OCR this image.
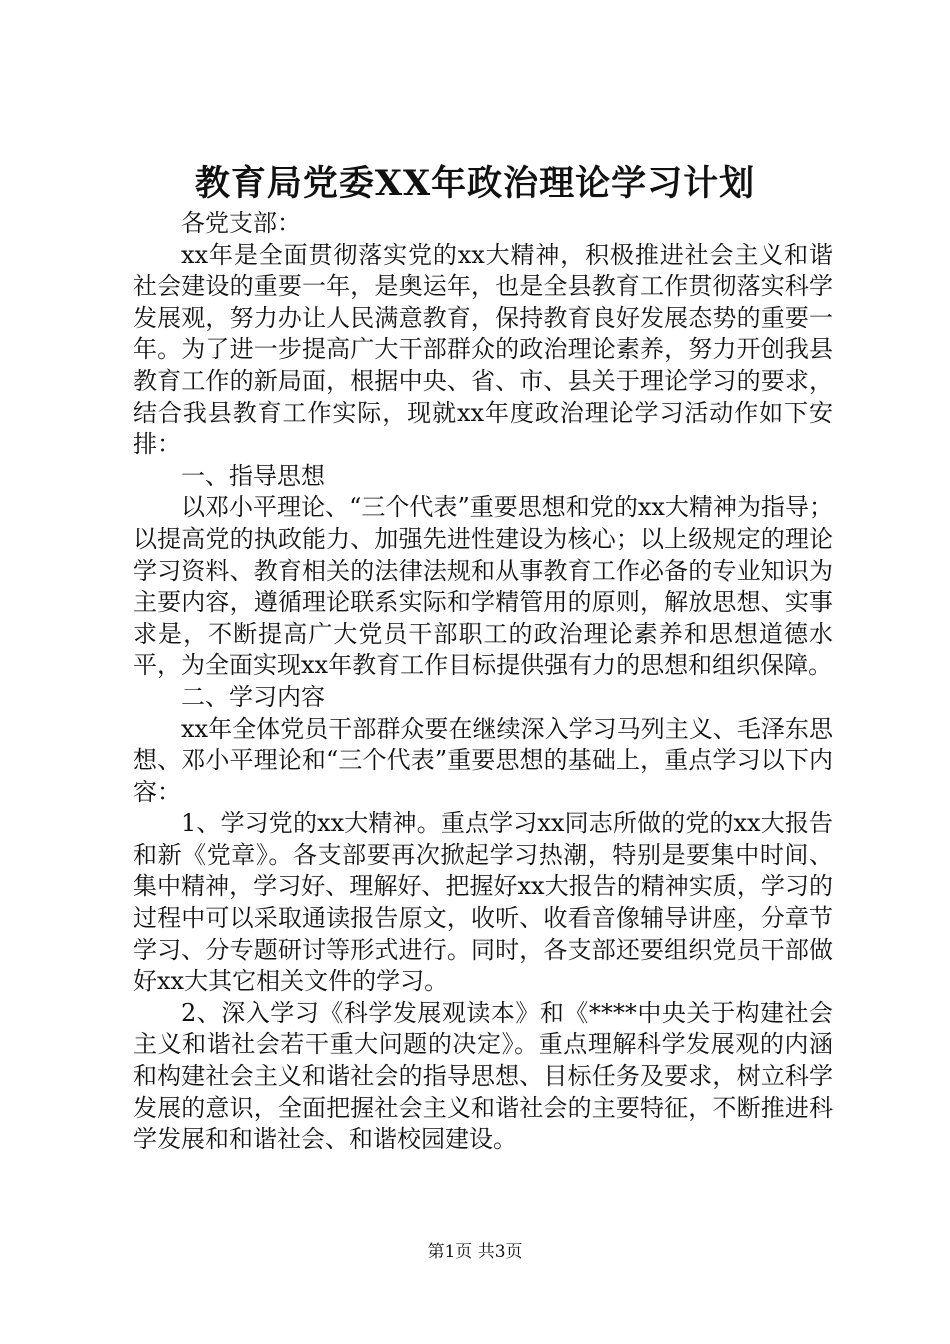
教育局党委XX年政治理论学习计划

各党支部：

xx年是全面贯彻落实党的xx大精神，积极推进社会主义和谐社会建设的重要一年，是奥运年，也是全县教育工作贯彻落实科学发展观，努力办让人民满意教育，保持教育良好发展态势的重要一年。为了进一步提高广大干部群众的政治理论素养，努力开创我县教育工作的新局面，根据中央、省、市、县关于理论学习的要求，结合我县教育工作实际，现就xx年度政治理论学习活动作如下安排：

一、指导思想

以邓小平理论、“三个代表”重要思想和党的xx大精神为指导；以提高党的执政能力、加强先进性建设为核心；以上级规定的理论学习资料、教育相关的法律法规和从事教育工作必备的专业知识为主要内容，遵循理论联系实际和学精管用的原则，解放思想、实事求是，不断提高广大党员干部职工的政治理论素养和思想道德水平，为全面实现xx年教育工作目标提供强有力的思想和组织保障。

二、学习内容

xx年全体党员干部群众要在继续深入学习马列主义、毛泽东思想、邓小平理论和“三个代表”重要思想的基础上，重点学习以下内容：

1、学习党的xx大精神。重点学习xx同志所做的党的xx大报告和新《党章》。各支部要再次掀起学习热潮，特别是要集中时间、集中精神，学习好、理解好、把握好xx大报告的精神实质，学习的过程中可以采取通读报告原文，收听、收看音像辅导讲座，分章节学习、分专题研讨等形式进行。同时，各支部还要组织党员干部做好xx大其它相关文件的学习。

2、深入学习《科学发展观读本》和《****中央关于构建社会主义和谐社会若干重大问题的决定》。重点理解科学发展观的内涵和构建社会主义和谐社会的指导思想、目标任务及要求，树立科学发展的意识，全面把握社会主义和谐社会的主要特征，不断推进科学发展和和谐社会、和谐校园建设。

第1页 共3页
